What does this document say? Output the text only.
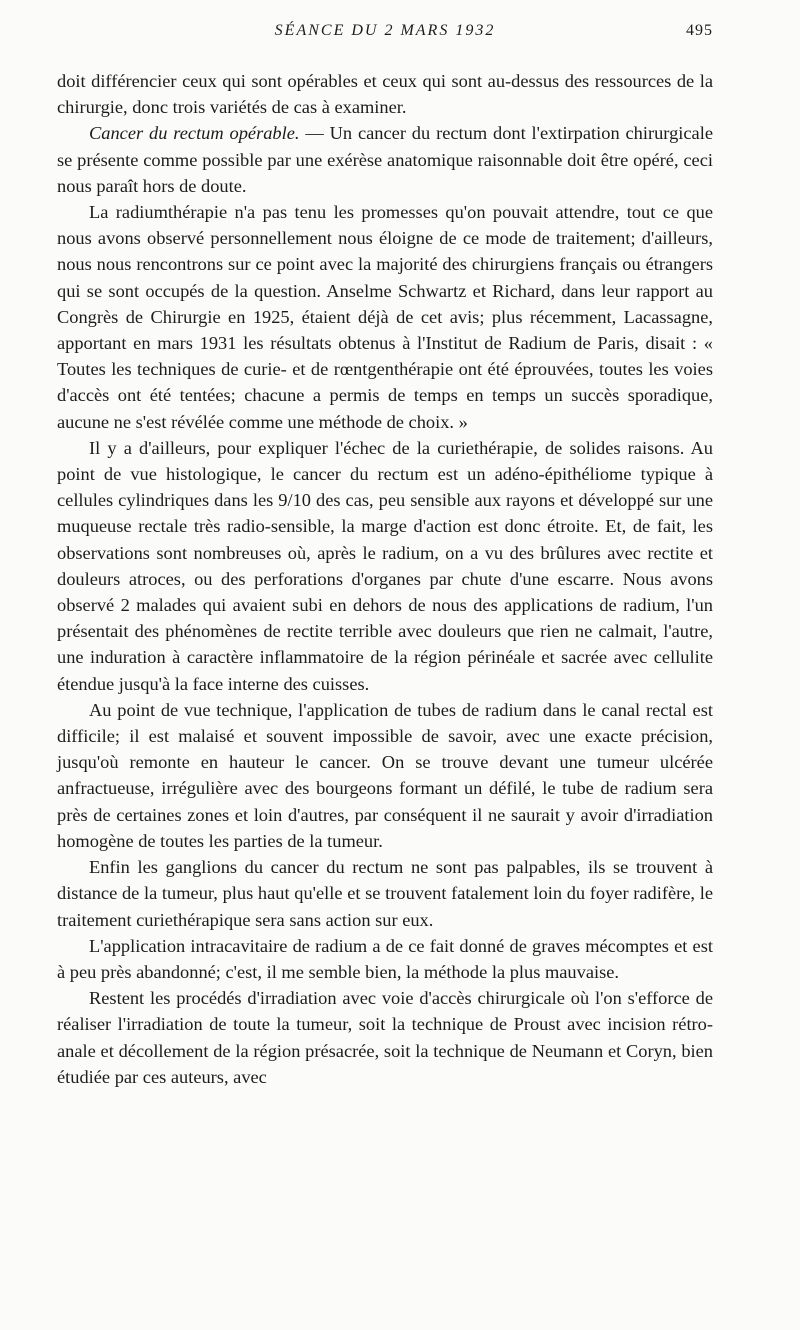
SÉANCE DU 2 MARS 1932	495

doit différencier ceux qui sont opérables et ceux qui sont au-dessus des ressources de la chirurgie, donc trois variétés de cas à examiner.

Cancer du rectum opérable. — Un cancer du rectum dont l'extirpation chirurgicale se présente comme possible par une exérèse anatomique raisonnable doit être opéré, ceci nous paraît hors de doute.

La radiumthérapie n'a pas tenu les promesses qu'on pouvait attendre, tout ce que nous avons observé personnellement nous éloigne de ce mode de traitement; d'ailleurs, nous nous rencontrons sur ce point avec la majorité des chirurgiens français ou étrangers qui se sont occupés de la question. Anselme Schwartz et Richard, dans leur rapport au Congrès de Chirurgie en 1925, étaient déjà de cet avis; plus récemment, Lacassagne, apportant en mars 1931 les résultats obtenus à l'Institut de Radium de Paris, disait : « Toutes les techniques de curie- et de rœntgenthérapie ont été éprouvées, toutes les voies d'accès ont été tentées; chacune a permis de temps en temps un succès sporadique, aucune ne s'est révélée comme une méthode de choix. »

Il y a d'ailleurs, pour expliquer l'échec de la curiethérapie, de solides raisons. Au point de vue histologique, le cancer du rectum est un adéno-épithéliome typique à cellules cylindriques dans les 9/10 des cas, peu sensible aux rayons et développé sur une muqueuse rectale très radio-sensible, la marge d'action est donc étroite. Et, de fait, les observations sont nombreuses où, après le radium, on a vu des brûlures avec rectite et douleurs atroces, ou des perforations d'organes par chute d'une escarre. Nous avons observé 2 malades qui avaient subi en dehors de nous des applications de radium, l'un présentait des phénomènes de rectite terrible avec douleurs que rien ne calmait, l'autre, une induration à caractère inflammatoire de la région périnéale et sacrée avec cellulite étendue jusqu'à la face interne des cuisses.

Au point de vue technique, l'application de tubes de radium dans le canal rectal est difficile; il est malaisé et souvent impossible de savoir, avec une exacte précision, jusqu'où remonte en hauteur le cancer. On se trouve devant une tumeur ulcérée anfractueuse, irrégulière avec des bourgeons formant un défilé, le tube de radium sera près de certaines zones et loin d'autres, par conséquent il ne saurait y avoir d'irradiation homogène de toutes les parties de la tumeur.

Enfin les ganglions du cancer du rectum ne sont pas palpables, ils se trouvent à distance de la tumeur, plus haut qu'elle et se trouvent fatalement loin du foyer radifère, le traitement curiethérapique sera sans action sur eux.

L'application intracavitaire de radium a de ce fait donné de graves mécomptes et est à peu près abandonné; c'est, il me semble bien, la méthode la plus mauvaise.

Restent les procédés d'irradiation avec voie d'accès chirurgicale où l'on s'efforce de réaliser l'irradiation de toute la tumeur, soit la technique de Proust avec incision rétro-anale et décollement de la région présacrée, soit la technique de Neumann et Coryn, bien étudiée par ces auteurs, avec
